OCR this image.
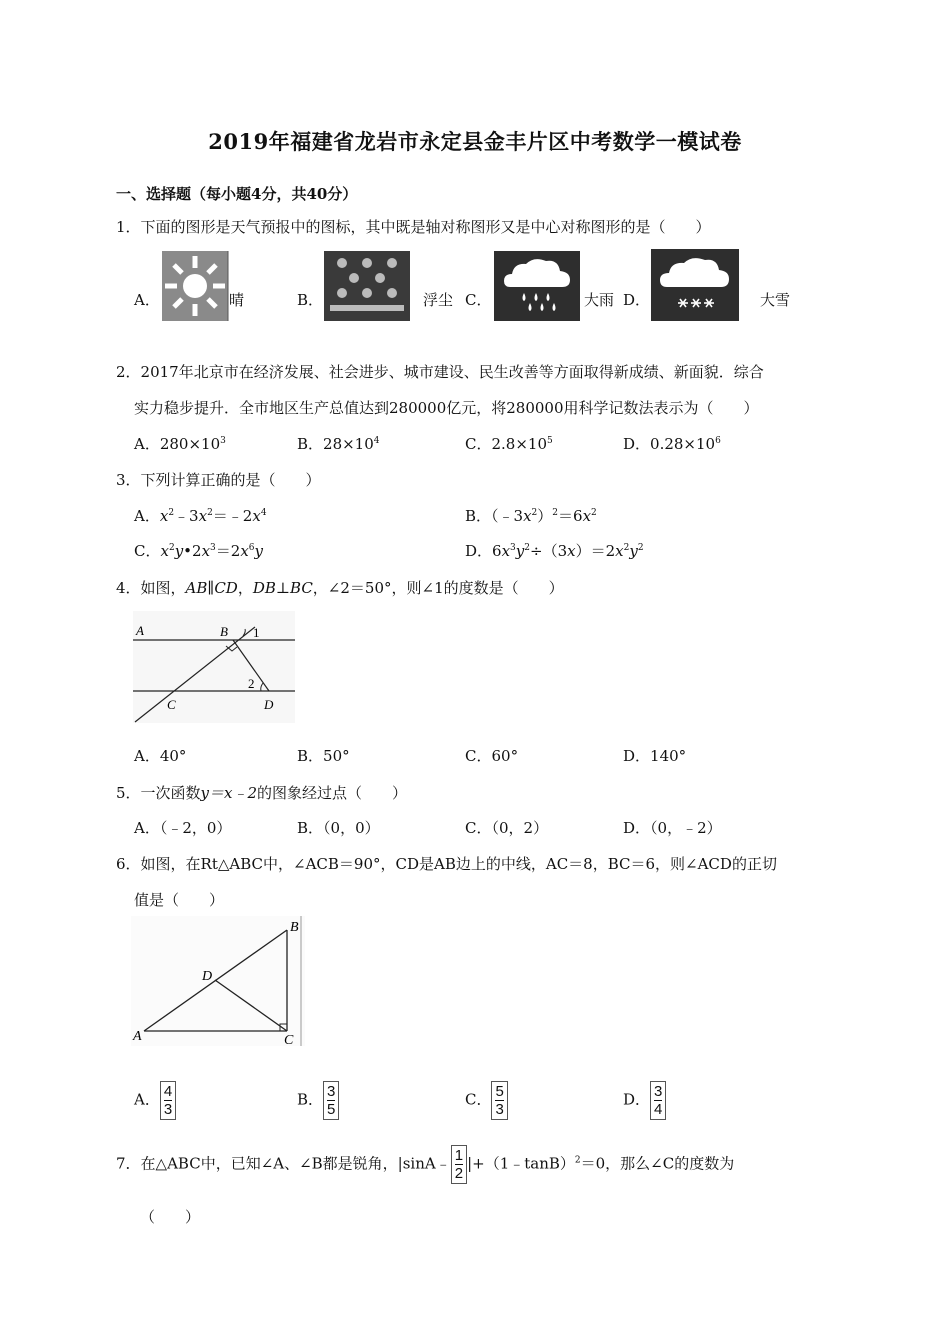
2019年福建省龙岩市永定县金丰片区中考数学一模试卷
一、选择题（每小题4分，共40分）
1．下面的图形是天气预报中的图标，其中既是轴对称图形又是中心对称图形的是（　　）
A．	晴	B．	浮尘 C．	大雨 D．	大雪
2．2017年北京市在经济发展、社会进步、城市建设、民生改善等方面取得新成绩、新面貌．综合
实力稳步提升．全市地区生产总值达到280000亿元，将280000用科学记数法表示为（　　）
A．$280\times 10^3$	B．$28\times 10^4$	C．$2.8\times 10^5$	D．$0.28\times 10^6$
3．下列计算正确的是（　　）
A．$x^2﹣3x^2=﹣2x^4$	B．$(﹣3x^2)^2=6x^2$
C．$x^2y•2x^3=2x^6y$	D．$6x^3y^2\div(3x)=2x^2y^2$
4．如图，AB∥CD，DB⊥BC，∠2＝50°，则∠1的度数是（　　）
A	B 1
2
C	D
A．40°	B．50°	C．60°	D．140°
5．一次函数y＝x﹣2的图象经过点（　　）
A．（﹣2，0）	B．（0，0）	C．（0，2）	D．（0，﹣2）
6．如图，在Rt△ABC中，∠ACB＝90°，CD是AB边上的中线，AC＝8，BC＝6，则∠ACD的正切
值是（　　）
A
B
C
D
A． $\frac{4}{3}$	B． $\frac{3}{5}$	C． $\frac{5}{3}$	D． $\frac{3}{4}$
7．在△ABC中，已知∠A、∠B都是锐角，|sinA﹣ $\frac{1}{2}$ |+（1﹣tanB）$^2$＝0，那么∠C的度数为
（　　）
